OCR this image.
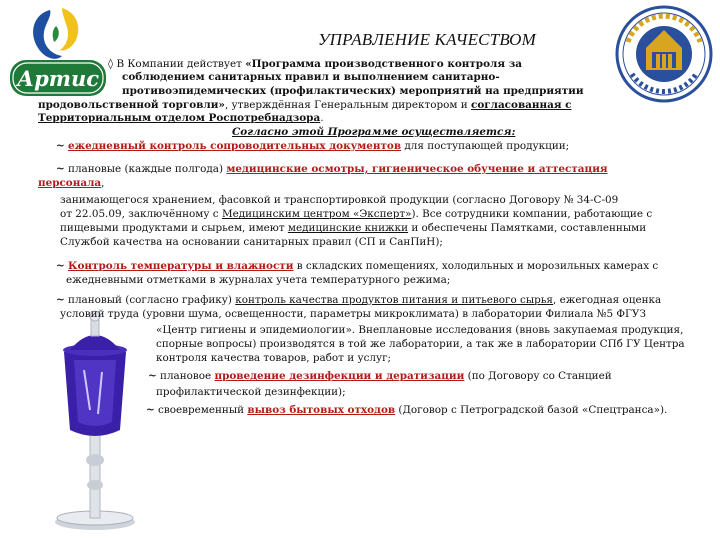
Артис
УПРАВЛЕНИЕ КАЧЕСТВОМ
◊ В Компании действует «Программа производственного контроля за
соблюдением санитарных правил и выполнением санитарно-
противоэпидемических (профилактических) мероприятий на предприятии
продовольственной торговли», утверждённая Генеральным директором и согласованная с
Территориальным отделом Роспотребнадзора.
Согласно этой Программе осуществляется:
~ ежедневный контроль сопроводительных документов для поступающей продукции;
~ плановые (каждые полгода) медицинские осмотры, гигиеническое обучение и аттестация
персонала,
занимающегося хранением, фасовкой и транспортировкой продукции (согласно Договору № 34-С-09
от 22.05.09, заключённому с Медицинским центром «Эксперт»). Все сотрудники компании, работающие с
пищевыми продуктами и сырьем, имеют медицинские книжки и обеспечены Памятками, составленными
Службой качества на основании санитарных правил (СП и СанПиН);
~ Контроль температуры и влажности в складских помещениях, холодильных и морозильных камерах с
ежедневными отметками в журналах учета температурного режима;
~ плановый (согласно графику) контроль качества продуктов питания и питьевого сырья, ежегодная оценка
условий труда (уровни шума, освещенности, параметры микроклимата) в лаборатории Филиала №5 ФГУЗ
«Центр гигиены и эпидемиологии». Внеплановые исследования (вновь закупаемая продукция,
спорные вопросы) производятся в той же лаборатории, а так же в лаборатории СПб ГУ Центра
контроля качества товаров, работ и услуг;
~ плановое проведение дезинфекции и дератизации (по Договору со Станцией
профилактической дезинфекции);
~ своевременный вывоз бытовых отходов (Договор с Петроградской базой «Спецтранса»).
